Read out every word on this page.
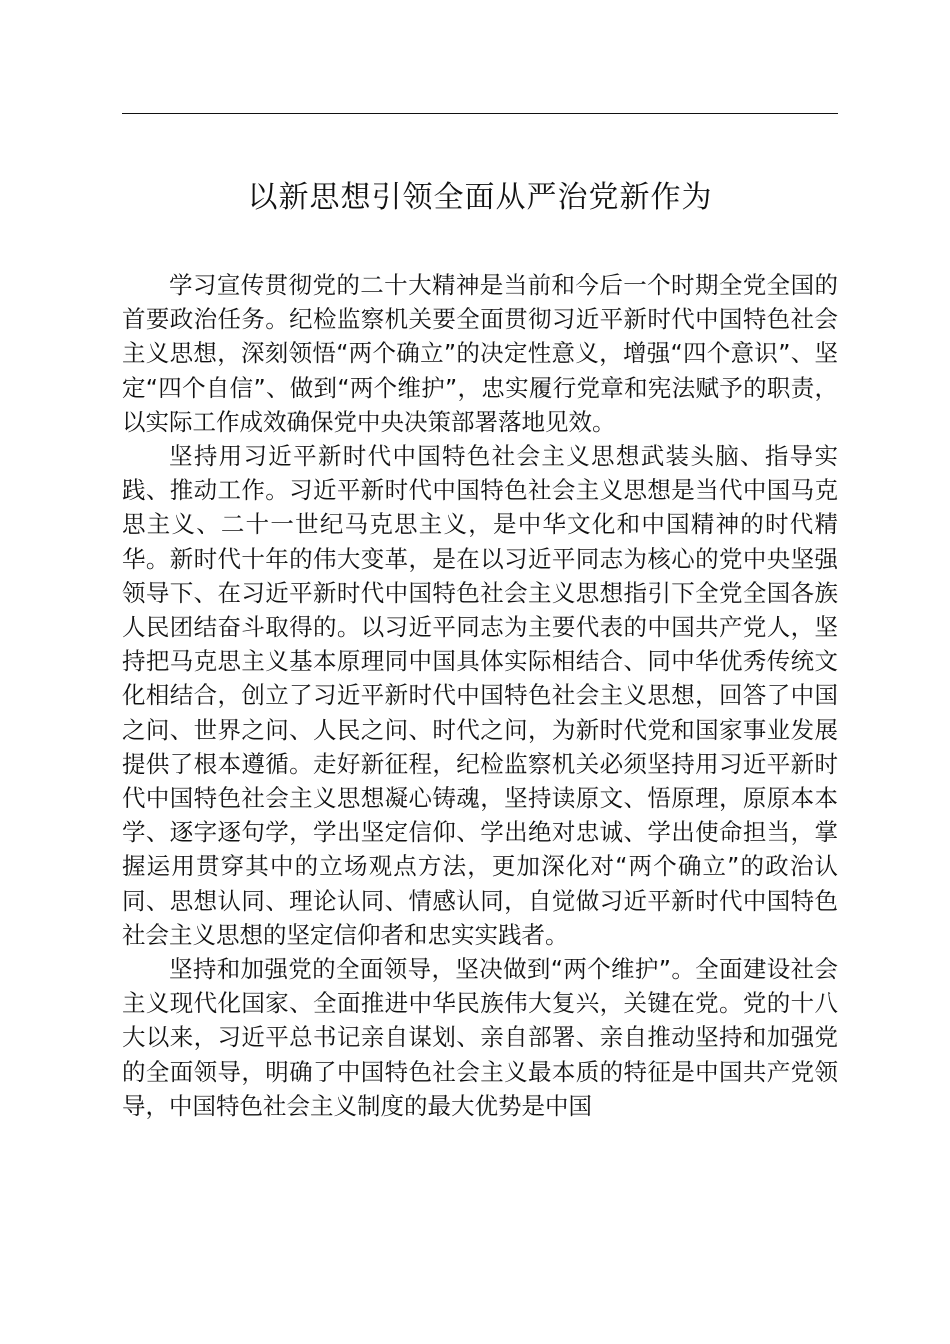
以新思想引领全面从严治党新作为

学习宣传贯彻党的二十大精神是当前和今后一个时期全党全国的首要政治任务。纪检监察机关要全面贯彻习近平新时代中国特色社会主义思想，深刻领悟“两个确立”的决定性意义，增强“四个意识”、坚定“四个自信”、做到“两个维护”，忠实履行党章和宪法赋予的职责，以实际工作成效确保党中央决策部署落地见效。

坚持用习近平新时代中国特色社会主义思想武装头脑、指导实践、推动工作。习近平新时代中国特色社会主义思想是当代中国马克思主义、二十一世纪马克思主义，是中华文化和中国精神的时代精华。新时代十年的伟大变革，是在以习近平同志为核心的党中央坚强领导下、在习近平新时代中国特色社会主义思想指引下全党全国各族人民团结奋斗取得的。以习近平同志为主要代表的中国共产党人，坚持把马克思主义基本原理同中国具体实际相结合、同中华优秀传统文化相结合，创立了习近平新时代中国特色社会主义思想，回答了中国之问、世界之问、人民之问、时代之问，为新时代党和国家事业发展提供了根本遵循。走好新征程，纪检监察机关必须坚持用习近平新时代中国特色社会主义思想凝心铸魂，坚持读原文、悟原理，原原本本学、逐字逐句学，学出坚定信仰、学出绝对忠诚、学出使命担当，掌握运用贯穿其中的立场观点方法，更加深化对“两个确立”的政治认同、思想认同、理论认同、情感认同，自觉做习近平新时代中国特色社会主义思想的坚定信仰者和忠实实践者。

坚持和加强党的全面领导，坚决做到“两个维护”。全面建设社会主义现代化国家、全面推进中华民族伟大复兴，关键在党。党的十八大以来，习近平总书记亲自谋划、亲自部署、亲自推动坚持和加强党的全面领导，明确了中国特色社会主义最本质的特征是中国共产党领导，中国特色社会主义制度的最大优势是中国
